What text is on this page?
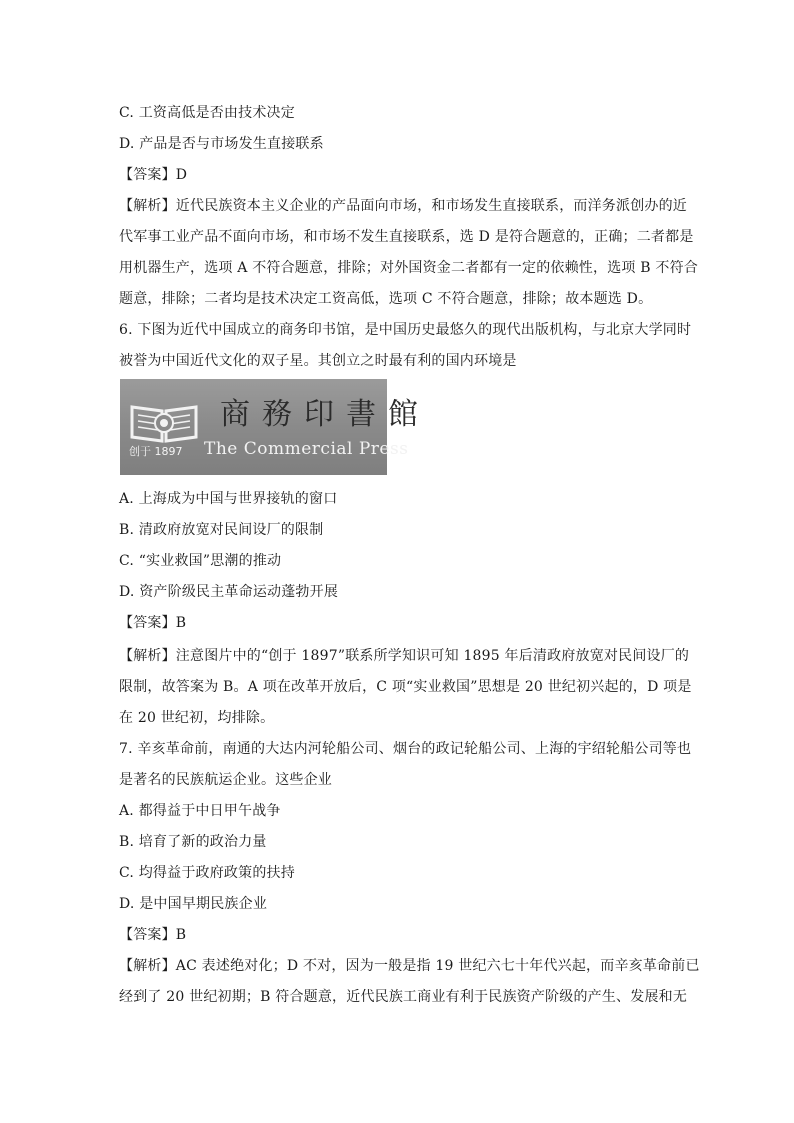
C. 工资高低是否由技术决定
D. 产品是否与市场发生直接联系
【答案】D
【解析】近代民族资本主义企业的产品面向市场，和市场发生直接联系，而洋务派创办的近
代军事工业产品不面向市场，和市场不发生直接联系，选 D 是符合题意的，正确；二者都是
用机器生产，选项 A 不符合题意，排除；对外国资金二者都有一定的依赖性，选项 B 不符合
题意，排除；二者均是技术决定工资高低，选项 C 不符合题意，排除；故本题选 D。
6. 下图为近代中国成立的商务印书馆，是中国历史最悠久的现代出版机构，与北京大学同时
被誉为中国近代文化的双子星。其创立之时最有利的国内环境是
创于 1897
商務印書館
The Commercial Press
A. 上海成为中国与世界接轨的窗口
B. 清政府放宽对民间设厂的限制
C. “实业救国”思潮的推动
D. 资产阶级民主革命运动蓬勃开展
【答案】B
【解析】注意图片中的“创于 1897”联系所学知识可知 1895 年后清政府放宽对民间设厂的
限制，故答案为 B。A 项在改革开放后，C 项“实业救国”思想是 20 世纪初兴起的，D 项是
在 20 世纪初，均排除。
7. 辛亥革命前，南通的大达内河轮船公司、烟台的政记轮船公司、上海的宇绍轮船公司等也
是著名的民族航运企业。这些企业
A. 都得益于中日甲午战争
B. 培育了新的政治力量
C. 均得益于政府政策的扶持
D. 是中国早期民族企业
【答案】B
【解析】AC 表述绝对化；D 不对，因为一般是指 19 世纪六七十年代兴起，而辛亥革命前已
经到了 20 世纪初期；B 符合题意，近代民族工商业有利于民族资产阶级的产生、发展和无
